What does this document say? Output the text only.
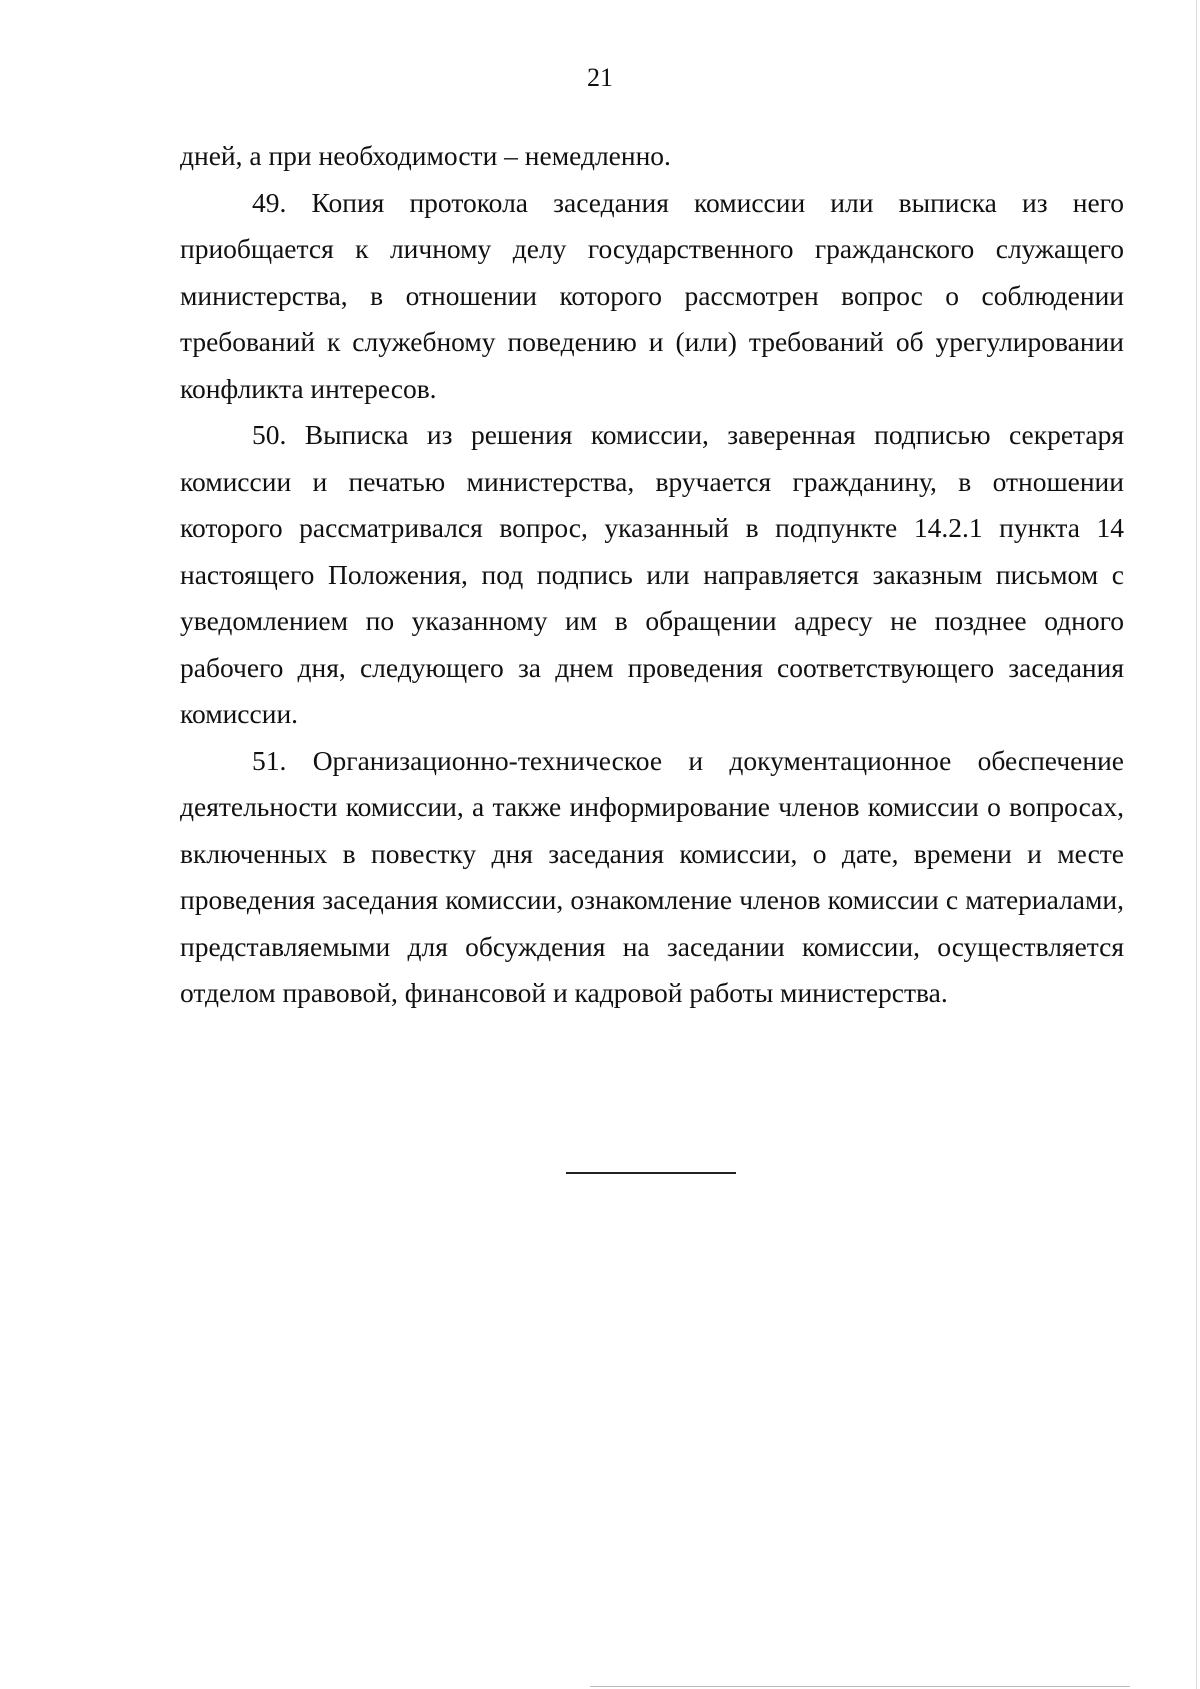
21

дней, а при необходимости – немедленно.

49. Копия протокола заседания комиссии или выписка из него приобщается к личному делу государственного гражданского служащего министерства, в отношении которого рассмотрен вопрос о соблюдении требований к служебному поведению и (или) требований об урегулировании конфликта интересов.

50. Выписка из решения комиссии, заверенная подписью секретаря комиссии и печатью министерства, вручается гражданину, в отношении которого рассматривался вопрос, указанный в подпункте 14.2.1 пункта 14 настоящего Положения, под подпись или направляется заказным письмом с уведомлением по указанному им в обращении адресу не позднее одного рабочего дня, следующего за днем проведения соответствующего заседания комиссии.

51. Организационно-техническое и документационное обеспечение деятельности комиссии, а также информирование членов комиссии о вопросах, включенных в повестку дня заседания комиссии, о дате, времени и месте проведения заседания комиссии, ознакомление членов комиссии с материалами, представляемыми для обсуждения на заседании комиссии, осуществляется отделом правовой, финансовой и кадровой работы министерства.
